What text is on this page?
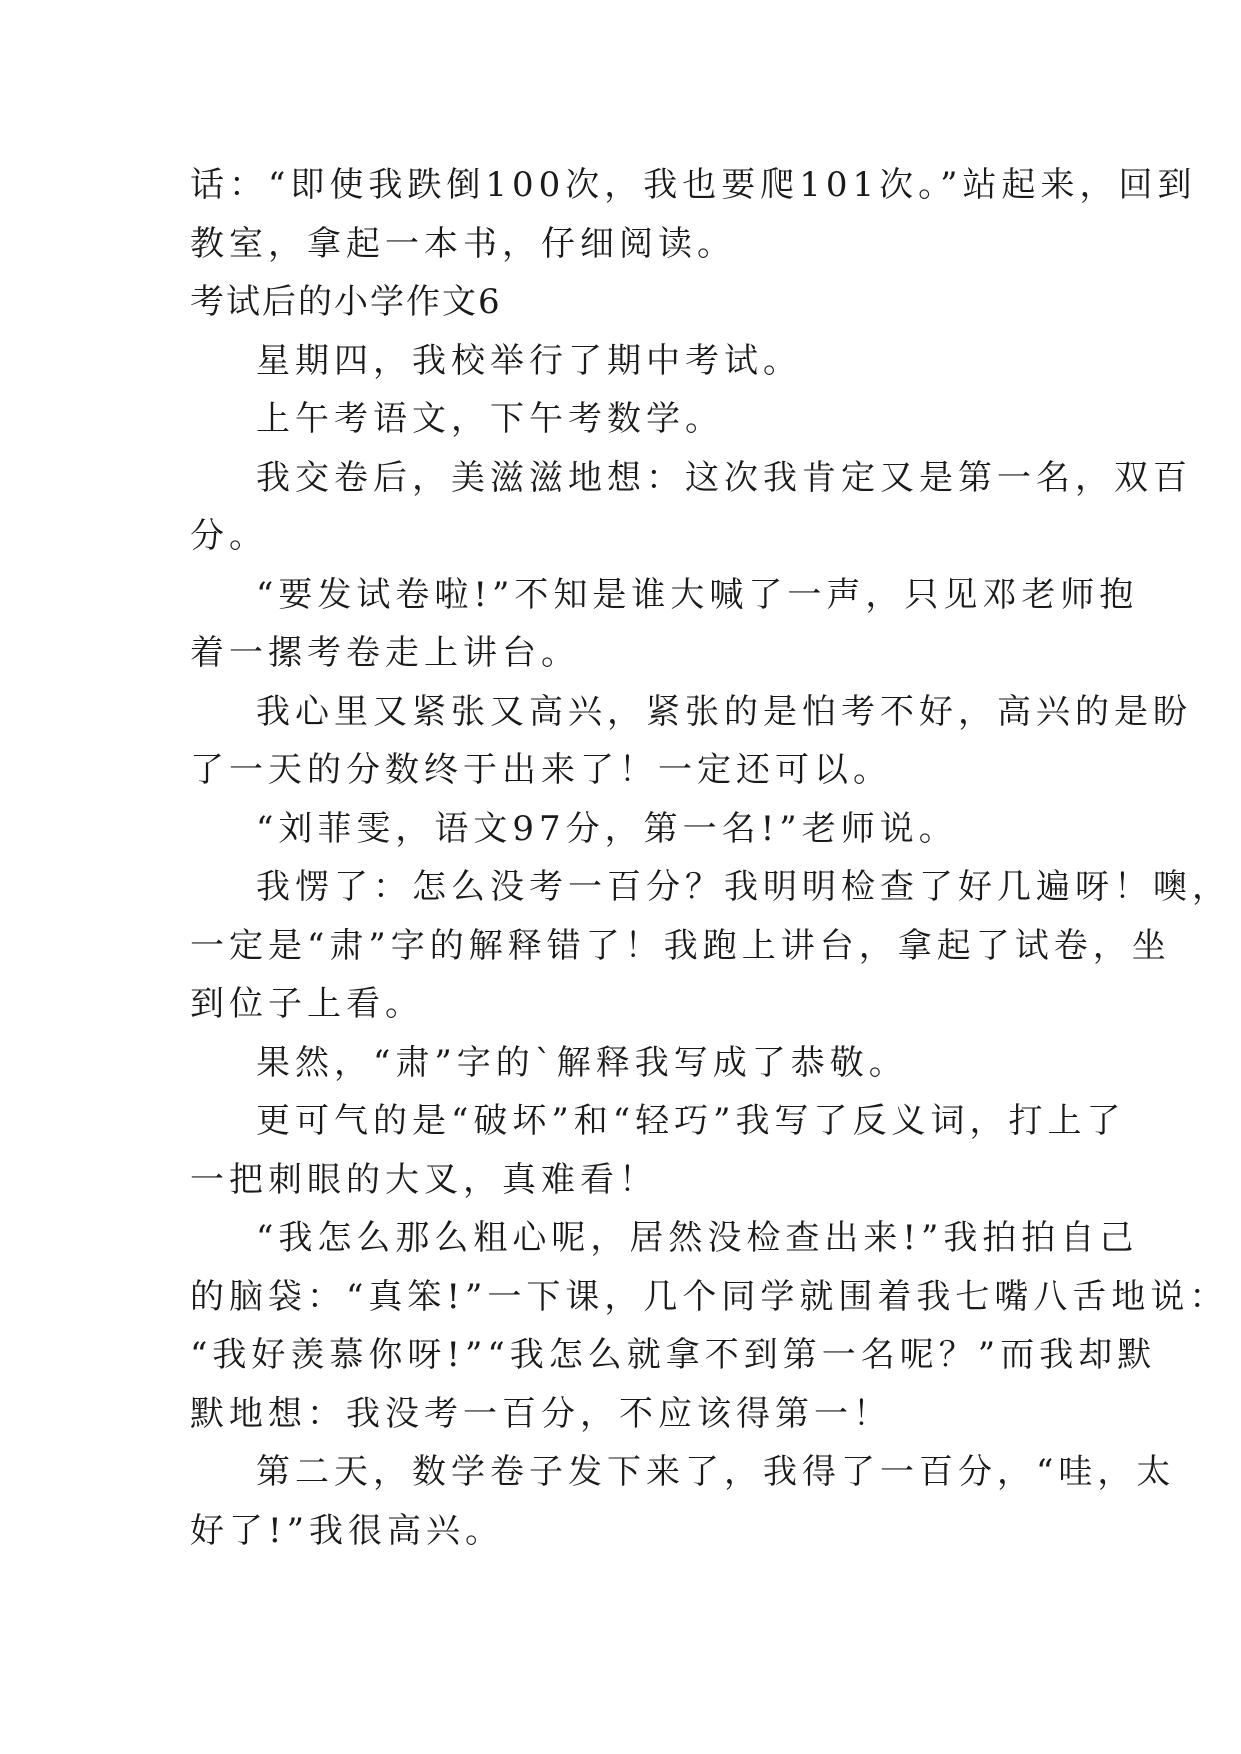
话：“即使我跌倒100次，我也要爬101次。”站起来，回到
教室，拿起一本书，仔细阅读。
考试后的小学作文6
星期四，我校举行了期中考试。
上午考语文，下午考数学。
我交卷后，美滋滋地想：这次我肯定又是第一名，双百
分。
“要发试卷啦!”不知是谁大喊了一声，只见邓老师抱
着一摞考卷走上讲台。
我心里又紧张又高兴，紧张的是怕考不好，高兴的是盼
了一天的分数终于出来了！一定还可以。
“刘菲雯，语文97分，第一名!”老师说。
我愣了：怎么没考一百分？我明明检查了好几遍呀！噢，
一定是“肃”字的解释错了！我跑上讲台，拿起了试卷，坐
到位子上看。
果然，“肃”字的`解释我写成了恭敬。
更可气的是“破坏”和“轻巧”我写了反义词，打上了
一把刺眼的大叉，真难看！
“我怎么那么粗心呢，居然没检查出来!”我拍拍自己
的脑袋：“真笨!”一下课，几个同学就围着我七嘴八舌地说：
“我好羡慕你呀!”“我怎么就拿不到第一名呢？”而我却默
默地想：我没考一百分，不应该得第一！
第二天，数学卷子发下来了，我得了一百分，“哇，太
好了!”我很高兴。
